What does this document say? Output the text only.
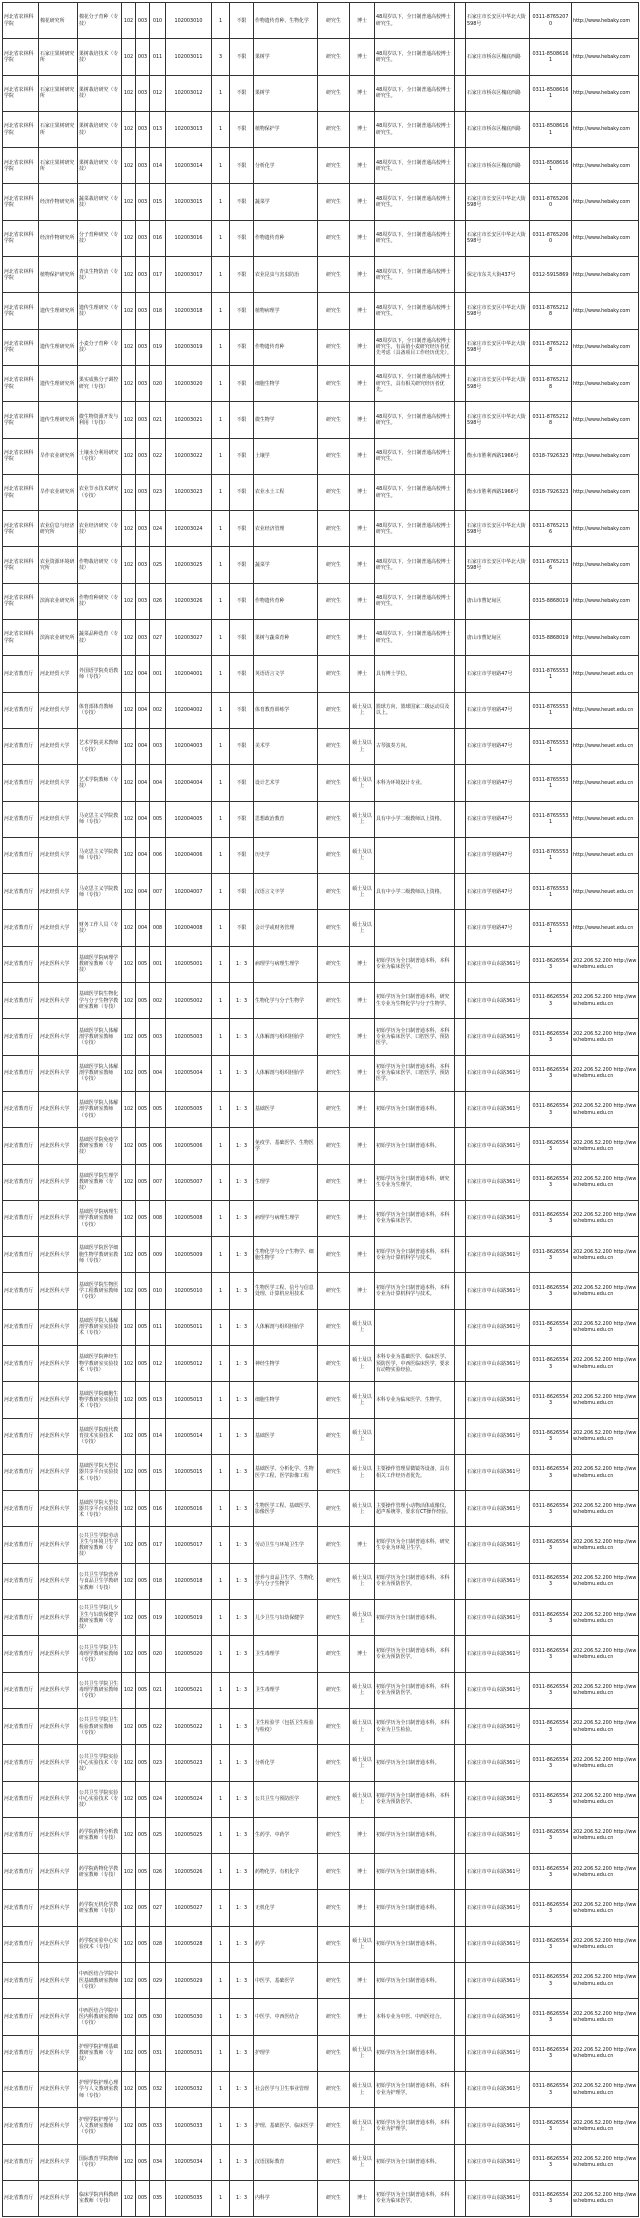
河北省农林科学院	棉花研究所	棉花分子育种（专技）	102	003	010	102003010	1	不限	作物遗传育种、生物化学	研究生	博士	48周岁以下，全日制普通高校博士研究生。		石家庄市长安区中华北大街598号	0311-87652070	http://www.hebaky.com
河北省农林科学院	石家庄果树研究所	果树栽培技术（专技）	102	003	011	102003011	3	不限	果树学	研究生	博士	48周岁以下，全日制普通高校博士研究生。		石家庄市桥东区槐底西路	0311-85086161	http://www.hebaky.com
河北省农林科学院	石家庄果树研究所	果树栽培研究（专技）	102	003	012	102003012	1	不限	果树学	研究生	博士	48周岁以下，全日制普通高校博士研究生。		石家庄市桥东区槐底西路	0311-85086161	http://www.hebaky.com
河北省农林科学院	石家庄果树研究所	果树栽培研究（专技）	102	003	013	102003013	1	不限	植物保护学	研究生	博士	48周岁以下，全日制普通高校博士研究生。		石家庄市桥东区槐底西路	0311-85086161	http://www.hebaky.com
河北省农林科学院	石家庄果树研究所	果树栽培研究（专技）	102	003	014	102003014	1	不限	分析化学	研究生	博士	48周岁以下，全日制普通高校博士研究生。		石家庄市桥东区槐底西路	0311-85086161	http://www.hebaky.com
河北省农林科学院	经济作物研究所	蔬菜栽培研究（专技）	102	003	015	102003015	1	不限	蔬菜学	研究生	博士	48周岁以下，全日制普通高校博士研究生。		石家庄市长安区中华北大街598号	0311-87652060	http://www.hebaky.com
河北省农林科学院	经济作物研究所	分子育种研究（专技）	102	003	016	102003016	1	不限	作物遗传育种	研究生	博士	48周岁以下，全日制普通高校博士研究生。		石家庄市长安区中华北大街598号	0311-87652060	http://www.hebaky.com
河北省农林科学院	植物保护研究所	青虫生物防治（专技）	102	003	017	102003017	1	不限	农业昆虫与害虫防治	研究生	博士	48周岁以下，全日制普通高校博士研究生。		保定市东关大街437号	0312-5915869	http://www.hebaky.com
河北省农林科学院	遗传生理研究所	遗传生理研究（专技）	102	003	018	102003018	1	不限	植物病理学	研究生	博士	48周岁以下，全日制普通高校博士研究生。		石家庄市长安区中华北大街598号	0311-87652128	http://www.hebaky.com
河北省农林科学院	遗传生理研究所	小麦分子育种（专技）	102	003	019	102003019	1	不限	作物遗传育种	研究生	博士	48周岁以下，全日制普通高校博士研究生，有高值小麦研究经历者优先考虑（具备项目工作经历优先）。		石家庄市长安区中华北大街598号	0311-87652128	http://www.hebaky.com
河北省农林科学院	遗传生理研究所	果实成熟分子调控研究（专技）	102	003	020	102003020	1	不限	细胞生物学	研究生	博士	48周岁以下，全日制普通高校博士研究生，具有相关研究经历者优先。		石家庄市长安区中华北大街598号	0311-87652128	http://www.hebaky.com
河北省农林科学院	遗传生理研究所	微生物资源开发与利用（专技）	102	003	021	102003021	1	不限	微生物学	研究生	博士	48周岁以下，全日制普通高校博士研究生。		石家庄市长安区中华北大街598号	0311-87652128	http://www.hebaky.com
河北省农林科学院	旱作农业研究所	土壤水分利用研究（专技）	102	003	022	102003022	1	不限	土壤学	研究生	博士	48周岁以下，全日制普通高校博士研究生。		衡水市胜利西路1966号	0318-7926323	http://www.hebaky.com
河北省农林科学院	旱作农业研究所	农业节水技术研究（专技）	102	003	023	102003023	1	不限	农业水土工程	研究生	博士	48周岁以下，全日制普通高校博士研究生。		衡水市胜利西路1966号	0318-7926323	http://www.hebaky.com
河北省农林科学院	农业信息与经济研究所	农业经济研究（专技）	102	003	024	102003024	1	不限	农业经济管理	研究生	博士	48周岁以下，全日制普通高校博士研究生。		石家庄市长安区中华北大街598号	0311-87652136	http://www.hebaky.com
河北省农林科学院	农业资源环境研究所	作物栽培研究（专技）	102	003	025	102003025	1	不限	蔬菜学	研究生	博士	48周岁以下，全日制普通高校博士研究生。		石家庄市长安区中华北大街598号	0311-87652136	http://www.hebaky.com
河北省农林科学院	滨海农业研究所	作物育种研究（专技）	102	003	026	102003026	1	不限	作物遗传育种	研究生	博士	48周岁以下，全日制普通高校博士研究生。		唐山市曹妃甸区	0315-8868019	http://www.hebaky.com
河北省农林科学院	滨海农业研究所	蔬菜品种选育（专技）	102	003	027	102003027	1	不限	果树与蔬菜育种	研究生	博士	48周岁以下，全日制普通高校博士研究生。		唐山市曹妃甸区	0315-8868019	http://www.hebaky.com
河北省教育厅	河北经贸大学	外国语学院英语教师（专技）	102	004	001	102004001	1	不限	英语语言文学	研究生	博士	具有博士学位。		石家庄市学府路47号	0311-87655531	http://www.heuet.edu.cn
河北省教育厅	河北经贸大学	体育部体育教师（专技）	102	004	002	102004002	1	不限	体育教育训练学	研究生	硕士及以上	篮球方向，篮球国家二级运动员及以上。		石家庄市学府路47号	0311-87655531	http://www.heuet.edu.cn
河北省教育厅	河北经贸大学	艺术学院美术教师（专技）	102	004	003	102004003	1	不限	美术学	研究生	硕士及以上	古琴演奏方向。		石家庄市学府路47号	0311-87655531	http://www.heuet.edu.cn
河北省教育厅	河北经贸大学	艺术学院教师（专技）	102	004	004	102004004	1	不限	设计艺术学	研究生	硕士及以上	本科为环境设计专业。		石家庄市学府路47号	0311-87655531	http://www.heuet.edu.cn
河北省教育厅	河北经贸大学	马克思主义学院教师（专技）	102	004	005	102004005	1	不限	思想政治教育	研究生	硕士及以上	具有中小学二级教师以上资格。		石家庄市学府路47号	0311-87655531	http://www.heuet.edu.cn
河北省教育厅	河北经贸大学	马克思主义学院教师（专技）	102	004	006	102004006	1	不限	历史学	研究生	硕士及以上			石家庄市学府路47号	0311-87655531	http://www.heuet.edu.cn
河北省教育厅	河北经贸大学	马克思主义学院教师（专技）	102	004	007	102004007	1	不限	汉语言文字学	研究生	硕士及以上	具有中小学二级教师以上资格。		石家庄市学府路47号	0311-87655531	http://www.heuet.edu.cn
河北省教育厅	河北经贸大学	财务工作人员（专技）	102	004	008	102004008	1	不限	会计学或财务管理	研究生	硕士及以上			石家庄市学府路47号	0311-87655531	http://www.heuet.edu.cn
河北省教育厅	河北医科大学	基础医学院病理学教研室教师（专技）	102	005	001	102005001	1	1：3	病理学与病理生理学	研究生	博士	初始学历为全日制普通本科，本科专业为临床医学。		石家庄市中山东路361号	0311-86265543	202.206.52.200 http://www.hebmu.edu.cn
河北省教育厅	河北医科大学	基础医学院生物化学与分子生物学教研室教师（专技）	102	005	002	102005002	1	1：3	生物化学与分子生物学	研究生	博士	初始学历为全日制普通本科，研究生专业为生物化学与分子生物学。		石家庄市中山东路361号	0311-86265543	202.206.52.200 http://www.hebmu.edu.cn
河北省教育厅	河北医科大学	基础医学院人体解剖学教研室教师（专技）	102	005	003	102005003	1	1：3	人体解剖与组织胚胎学	研究生	博士	初始学历为全日制普通本科，本科专业为临床医学、口腔医学、预防医学。		石家庄市中山东路361号	0311-86265543	202.206.52.200 http://www.hebmu.edu.cn
河北省教育厅	河北医科大学	基础医学院人体解剖学教研室教师（专技）	102	005	004	102005004	1	1：3	人体解剖与组织胚胎学	研究生	博士	初始学历为全日制普通本科，本科专业为临床医学、口腔医学、预防医学。		石家庄市中山东路361号	0311-86265543	202.206.52.200 http://www.hebmu.edu.cn
河北省教育厅	河北医科大学	基础医学院人体解剖学教研室教师（专技）	102	005	005	102005005	1	1：3	基础医学	研究生	博士	初始学历为全日制普通本科。		石家庄市中山东路361号	0311-86265543	202.206.52.200 http://www.hebmu.edu.cn
河北省教育厅	河北医科大学	基础医学院免疫学教研室教师（专技）	102	005	006	102005006	1	1：3	免疫学、基础医学、生物医学	研究生	博士	初始学历为全日制普通本科。		石家庄市中山东路361号	0311-86265543	202.206.52.200 http://www.hebmu.edu.cn
河北省教育厅	河北医科大学	基础医学院生理学教研室教师（专技）	102	005	007	102005007	1	1：3	生理学	研究生	博士	初始学历为全日制普通本科，研究生专业为生理学。		石家庄市中山东路361号	0311-86265543	202.206.52.200 http://www.hebmu.edu.cn
河北省教育厅	河北医科大学	基础医学院病理生理学教研室教师（专技）	102	005	008	102005008	1	1：3	病理学与病理生理学	研究生	博士	初始学历为全日制普通本科，本科专业为临床医学。		石家庄市中山东路361号	0311-86265543	202.206.52.200 http://www.hebmu.edu.cn
河北省教育厅	河北医科大学	基础医学院医学细胞生物学教研室教师（专技）	102	005	009	102005009	1	1：3	生物化学与分子生物学、细胞生物学	研究生	博士	初始学历为全日制普通本科，本科专业为计算机科学与技术。		石家庄市中山东路361号	0311-86265543	202.206.52.200 http://www.hebmu.edu.cn
河北省教育厅	河北医科大学	基础医学院生物医学工程教研室教师（专技）	102	005	010	102005010	1	1：3	生物医学工程、信号与信息处理、计算机应用技术	研究生	博士	初始学历为全日制普通本科，本科专业为计算机科学与技术。		石家庄市中山东路361号	0311-86265543	202.206.52.200 http://www.hebmu.edu.cn
河北省教育厅	河北医科大学	基础医学院人体解剖学教研室实验技术（专技）	102	005	011	102005011	1	1：3	人体解剖与组织胚胎学	研究生	硕士及以上			石家庄市中山东路361号	0311-86265543	202.206.52.200 http://www.hebmu.edu.cn
河北省教育厅	河北医科大学	基础医学院神经生物学教研室实验技术（专技）	102	005	012	102005012	1	1：3	神经生物学	研究生	硕士及以上	本科专业为基础医学、临床医学、预防医学、中西医临床医学，要求有动物实验经验。		石家庄市中山东路361号	0311-86265543	202.206.52.200 http://www.hebmu.edu.cn
河北省教育厅	河北医科大学	基础医学院细胞生物学教研室实验技术（专技）	102	005	013	102005013	1	1：3	细胞生物学	研究生	硕士及以上	本科专业为临床医学、生物学。		石家庄市中山东路361号	0311-86265543	202.206.52.200 http://www.hebmu.edu.cn
河北省教育厅	河北医科大学	基础医学院现代教育技术实验技术（专技）	102	005	014	102005014	1	1：3	基础医学	研究生	硕士及以上			石家庄市中山东路361号	0311-86265543	202.206.52.200 http://www.hebmu.edu.cn
河北省教育厅	河北医科大学	基础医学院大型仪器共享平台实验技术（专技）	102	005	015	102005015	1	1：3	基础医学、分析化学、生物医学工程、医学影像工程	研究生	硕士及以上	主要操作管理显微镜等设备，具有相关工作经历者优先。		石家庄市中山东路361号	0311-86265543	202.206.52.200 http://www.hebmu.edu.cn
河北省教育厅	河北医科大学	基础医学院大型仪器共享平台实验技术（专技）	102	005	016	102005016	1	1：3	生物医学工程、基础医学、影像医学	研究生	硕士及以上	主要操作管理小动物活体成像仪、超声系统等，要求有CT操作经验。		石家庄市中山东路361号	0311-86265543	202.206.52.200 http://www.hebmu.edu.cn
河北省教育厅	河北医科大学	公共卫生学院劳动卫生与环境卫生学教研室教师（专技）	102	005	017	102005017	1	1：3	劳动卫生与环境卫生学	研究生	博士	初始学历为全日制普通本科，研究生专业为环境卫生学。		石家庄市中山东路361号	0311-86265543	202.206.52.200 http://www.hebmu.edu.cn
河北省教育厅	河北医科大学	公共卫生学院营养与食品卫生学教研室教师（专技）	102	005	018	102005018	1	1：3	营养与食品卫生学、生物化学与分子生物学	研究生	硕士及以上	初始学历为全日制普通本科，本科专业为预防医学。		石家庄市中山东路361号	0311-86265543	202.206.52.200 http://www.hebmu.edu.cn
河北省教育厅	河北医科大学	公共卫生学院儿少卫生与妇幼保健学教研室教师（专技）	102	005	019	102005019	1	1：3	儿少卫生与妇幼保健学	研究生	硕士及以上	初始学历为全日制普通本科。		石家庄市中山东路361号	0311-86265543	202.206.52.200 http://www.hebmu.edu.cn
河北省教育厅	河北医科大学	公共卫生学院卫生毒理学教研室教师（专技）	102	005	020	102005020	1	1：3	卫生毒理学	研究生	博士	初始学历为全日制普通本科，本科专业为预防医学。		石家庄市中山东路361号	0311-86265543	202.206.52.200 http://www.hebmu.edu.cn
河北省教育厅	河北医科大学	公共卫生学院卫生毒理学教研室教师（专技）	102	005	021	102005021	1	1：3	卫生毒理学	研究生	硕士及以上	初始学历为全日制普通本科，本科专业为预防医学。		石家庄市中山东路361号	0311-86265543	202.206.52.200 http://www.hebmu.edu.cn
河北省教育厅	河北医科大学	公共卫生学院卫生检验教研室教师（专技）	102	005	022	102005022	1	1：3	卫生检验学（包括卫生检验与检疫）	研究生	硕士及以上	初始学历为全日制普通本科，本科专业为卫生检验。		石家庄市中山东路361号	0311-86265543	202.206.52.200 http://www.hebmu.edu.cn
河北省教育厅	河北医科大学	公共卫生学院实验中心实验技术（专技）	102	005	023	102005023	1	1：3	分析化学	研究生	硕士及以上	初始学历为全日制普通本科。		石家庄市中山东路361号	0311-86265543	202.206.52.200 http://www.hebmu.edu.cn
河北省教育厅	河北医科大学	公共卫生学院实验中心实验技术（专技）	102	005	024	102005024	1	1：3	公共卫生与预防医学	研究生	硕士及以上	初始学历为全日制普通本科，本科专业为预防医学。		石家庄市中山东路361号	0311-86265543	202.206.52.200 http://www.hebmu.edu.cn
河北省教育厅	河北医科大学	药学院药物分析教研室教师（专技）	102	005	025	102005025	1	1：3	生药学、中药学	研究生	博士	初始学历为全日制普通本科。		石家庄市中山东路361号	0311-86265543	202.206.52.200 http://www.hebmu.edu.cn
河北省教育厅	河北医科大学	药学院药物化学教研室教师（专技）	102	005	026	102005026	1	1：3	药物化学、有机化学	研究生	博士	初始学历为全日制普通本科。		石家庄市中山东路361号	0311-86265543	202.206.52.200 http://www.hebmu.edu.cn
河北省教育厅	河北医科大学	药学院无机化学教研室教师（专技）	102	005	027	102005027	1	1：3	无机化学	研究生	博士	初始学历为全日制普通本科。		石家庄市中山东路361号	0311-86265543	202.206.52.200 http://www.hebmu.edu.cn
河北省教育厅	河北医科大学	药学院实验中心实验技术（专技）	102	005	028	102005028	1	1：3	药学	研究生	硕士及以上	初始学历为全日制普通本科。		石家庄市中山东路361号	0311-86265543	202.206.52.200 http://www.hebmu.edu.cn
河北省教育厅	河北医科大学	中西医结合学院中医基础教研室教师（专技）	102	005	029	102005029	1	1：3	中医学、基础医学	研究生	博士	初始学历为全日制普通本科。		石家庄市中山东路361号	0311-86265543	202.206.52.200 http://www.hebmu.edu.cn
河北省教育厅	河北医科大学	中西医结合学院中医内科教研室教师（专技）	102	005	030	102005030	1	1：3	中医学、中西医结合	研究生	博士	本科专业为中医、中西医结合。		石家庄市中山东路361号	0311-86265543	202.206.52.200 http://www.hebmu.edu.cn
河北省教育厅	河北医科大学	护理学院护理基础教研室教师（专技）	102	005	031	102005031	1	1：3	护理学	研究生	硕士及以上	初始学历为全日制普通本科。		石家庄市中山东路361号	0311-86265543	202.206.52.200 http://www.hebmu.edu.cn
河北省教育厅	河北医科大学	护理学院护理心理学与人文教研室教师（专技）	102	005	032	102005032	1	1：3	社会医学与卫生事业管理	研究生	硕士及以上	初始学历为全日制普通本科，本科专业为护理学。		石家庄市中山东路361号	0311-86265543	202.206.52.200 http://www.hebmu.edu.cn
河北省教育厅	河北医科大学	护理学院护理学与人文教研室教师（专技）	102	005	033	102005033	1	1：3	护理、基础医学、临床医学	研究生	硕士及以上	初始学历为全日制普通本科，本科专业为护理学。		石家庄市中山东路361号	0311-86265543	202.206.52.200 http://www.hebmu.edu.cn
河北省教育厅	河北医科大学	国际教育学院教师（专技）	102	005	034	102005034	1	1：3	汉语国际教育	研究生	硕士及以上	初始学历为全日制普通本科。		石家庄市中山东路361号	0311-86265543	202.206.52.200 http://www.hebmu.edu.cn
河北省教育厅	河北医科大学	临床学院内科教研室教师（专技）	102	005	035	102005035	1	1：3	内科学	研究生	博士	初始学历为全日制普通本科，本科专业为临床医学。		石家庄市中山东路361号	0311-86265543	202.206.52.200 http://www.hebmu.edu.cn
